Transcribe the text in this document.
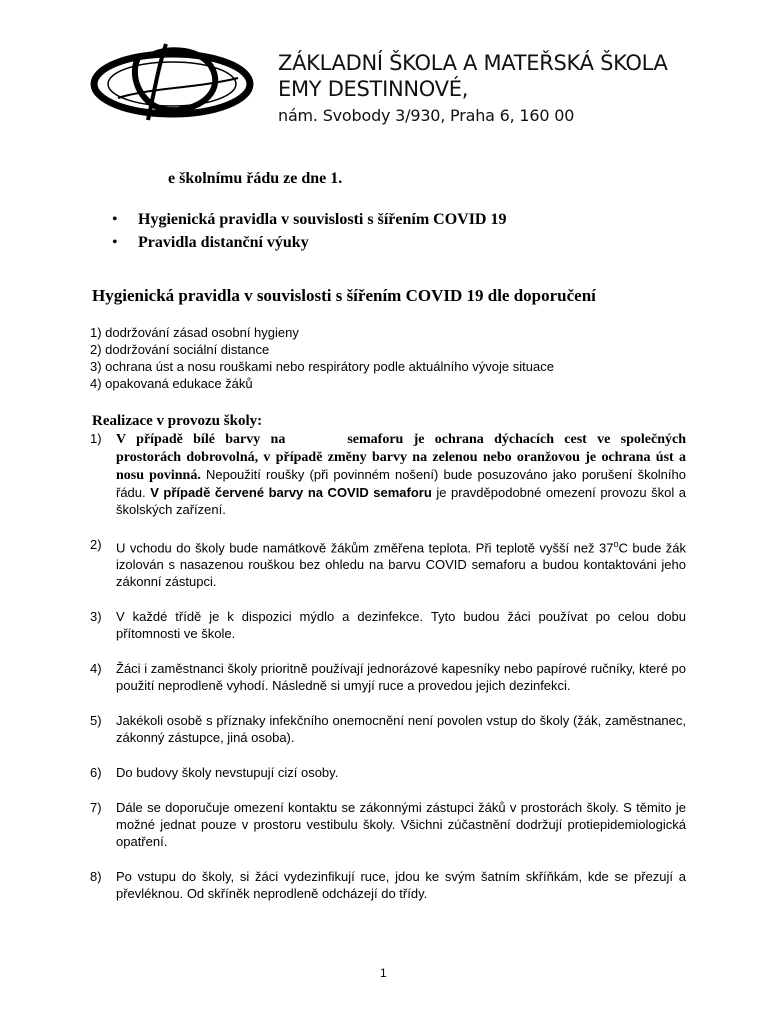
ZÁKLADNÍ ŠKOLA A MATEŘSKÁ ŠKOLA
EMY DESTINNOVÉ,
nám. Svobody 3/930, Praha 6, 160 00
e školnímu řádu ze dne 1.
• Hygienická pravidla v souvislosti s šířením COVID 19
• Pravidla distanční výuky
Hygienická pravidla v souvislosti s šířením COVID 19 dle doporučení
1) dodržování zásad osobní hygieny
2) dodržování sociální distance
3) ochrana úst a nosu rouškami nebo respirátory podle aktuálního vývoje situace
4) opakovaná edukace žáků
Realizace v provozu školy:
1) V případě bílé barvy na	semaforu je ochrana dýchacích cest ve společných prostorách dobrovolná, v případě změny barvy na zelenou nebo oranžovou je ochrana úst a nosu povinná. Nepoužití roušky (při povinném nošení) bude posuzováno jako porušení školního řádu. V případě červené barvy na COVID semaforu je pravděpodobné omezení provozu škol a školských zařízení.

2) U vchodu do školy bude namátkově žákům změřena teplota. Při teplotě vyšší než 37$^o$C bude žák izolován s nasazenou rouškou bez ohledu na barvu COVID semaforu a budou kontaktováni jeho zákonní zástupci.

3) V každé třídě je k dispozici mýdlo a dezinfekce. Tyto budou žáci používat po celou dobu přítomnosti ve škole.

4) Žáci i zaměstnanci školy prioritně používají jednorázové kapesníky nebo papírové ručníky, které po použití neprodleně vyhodí. Následně si umyjí ruce a provedou jejich dezinfekci.

5) Jakékoli osobě s příznaky infekčního onemocnění není povolen vstup do školy (žák, zaměstnanec, zákonný zástupce, jiná osoba).

6) Do budovy školy nevstupují cizí osoby.

7) Dále se doporučuje omezení kontaktu se zákonnými zástupci žáků v prostorách školy. S těmito je možné jednat pouze v prostoru vestibulu školy. Všichni zúčastnění dodržují protiepidemiologická opatření.

8) Po vstupu do školy, si žáci vydezinfikují ruce, jdou ke svým šatním skříňkám, kde se přezují a převléknou. Od skříněk neprodleně odcházejí do třídy.

1
